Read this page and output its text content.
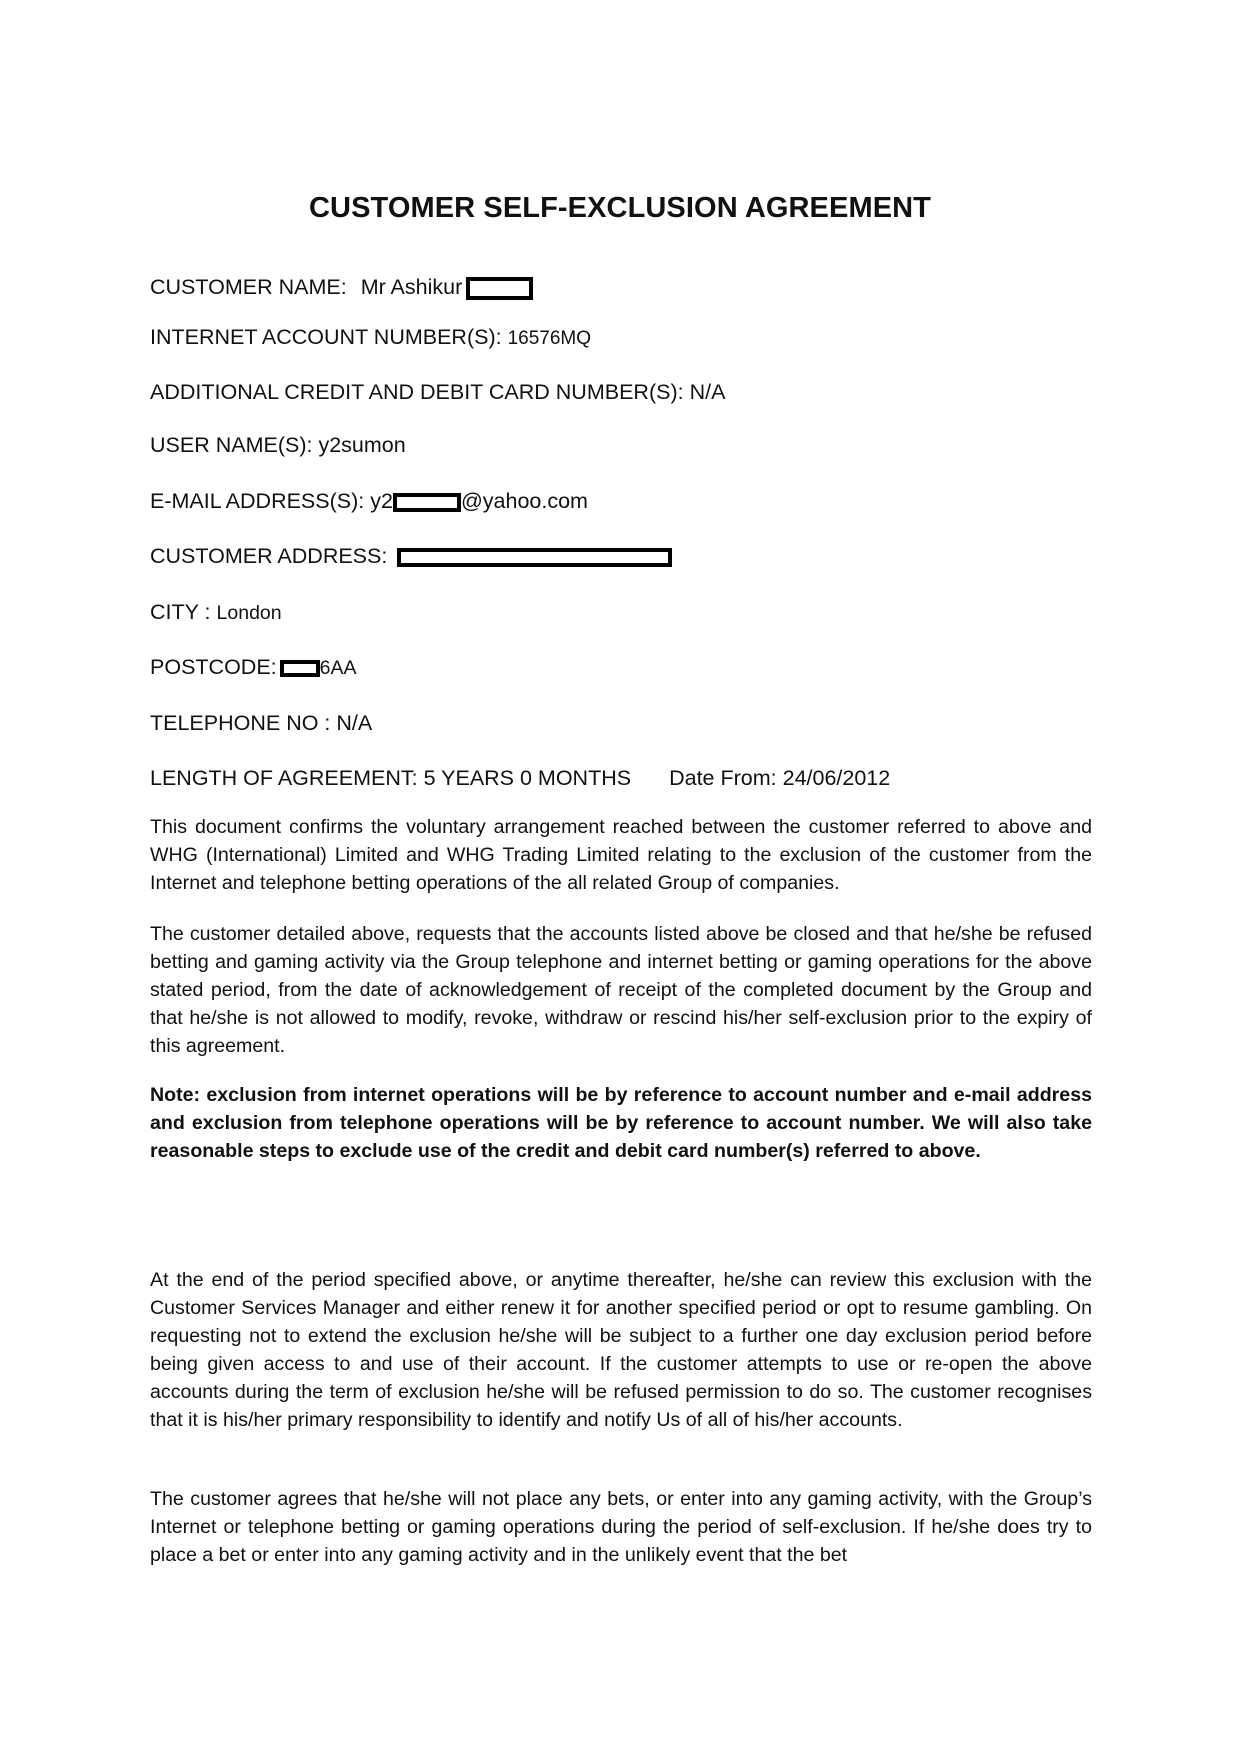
CUSTOMER SELF-EXCLUSION AGREEMENT
CUSTOMER NAME: Mr Ashikur
INTERNET ACCOUNT NUMBER(S): 16576MQ
ADDITIONAL CREDIT AND DEBIT CARD NUMBER(S): N/A
USER NAME(S): y2sumon
E-MAIL ADDRESS(S): y2	@yahoo.com
CUSTOMER ADDRESS:
CITY : London
POSTCODE: 6AA
TELEPHONE NO : N/A
LENGTH OF AGREEMENT: 5 YEARS 0 MONTHS Date From: 24/06/2012
This document confirms the voluntary arrangement reached between the customer referred to above and WHG (International) Limited and WHG Trading Limited relating to the exclusion of the customer from the Internet and telephone betting operations of the all related Group of companies.
The customer detailed above, requests that the accounts listed above be closed and that he/she be refused betting and gaming activity via the Group telephone and internet betting or gaming operations for the above stated period, from the date of acknowledgement of receipt of the completed document by the Group and that he/she is not allowed to modify, revoke, withdraw or rescind his/her self-exclusion prior to the expiry of this agreement.
Note: exclusion from internet operations will be by reference to account number and e-mail address and exclusion from telephone operations will be by reference to account number. We will also take reasonable steps to exclude use of the credit and debit card number(s) referred to above.
At the end of the period specified above, or anytime thereafter, he/she can review this exclusion with the Customer Services Manager and either renew it for another specified period or opt to resume gambling. On requesting not to extend the exclusion he/she will be subject to a further one day exclusion period before being given access to and use of their account. If the customer attempts to use or re-open the above accounts during the term of exclusion he/she will be refused permission to do so. The customer recognises that it is his/her primary responsibility to identify and notify Us of all of his/her accounts.
The customer agrees that he/she will not place any bets, or enter into any gaming activity, with the Group’s Internet or telephone betting or gaming operations during the period of self-exclusion. If he/she does try to place a bet or enter into any gaming activity and in the unlikely event that the bet
